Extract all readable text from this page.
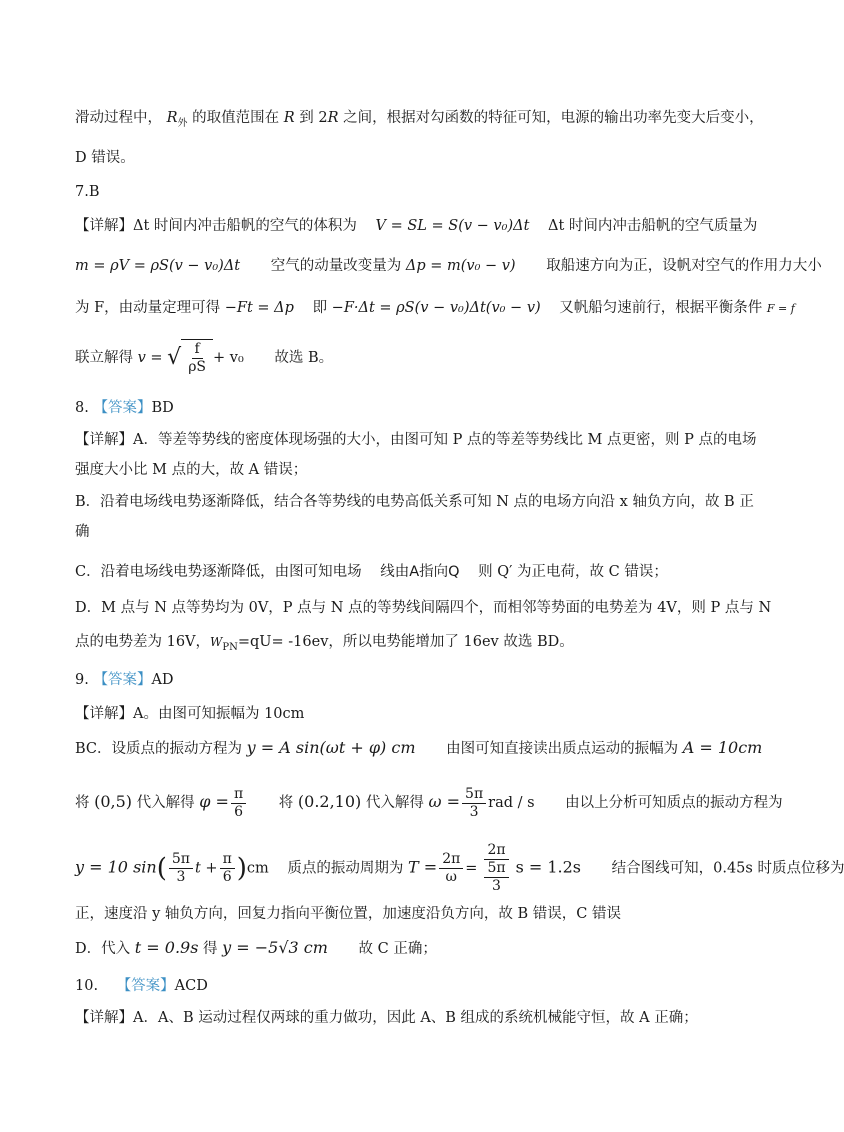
滑动过程中， $R_外$ 的取值范围在 R 到 2R 之间，根据对勾函数的特征可知，电源的输出功率先变大后变小，
D 错误。
7.B
【详解】Δt 时间内冲击船帆的空气的体积为 V = SL = S(v − v₀)Δt Δt 时间内冲击船帆的空气质量为
m = ρV = ρS(v − v₀)Δt 空气的动量改变量为 Δp = m(v₀ − v) 取船速方向为正，设帆对空气的作用力大小
为 F，由动量定理可得 −Ft = Δp 即 −F·Δt = ρS(v − v₀)Δt(v₀ − v) 又帆船匀速前行，根据平衡条件 F = f
联立解得 v = √ $\frac{f}{\rho S} + v_0$ 故选 B。
8. 【答案】BD
【详解】A．等差等势线的密度体现场强的大小，由图可知 P 点的等差等势线比 M 点更密，则 P 点的电场
强度大小比 M 点的大，故 A 错误；
B．沿着电场线电势逐渐降低，结合各等势线的电势高低关系可知 N 点的电场方向沿 x 轴负方向，故 B 正
确
C．沿着电场线电势逐渐降低，由图可知电场 线由A指向Q 则 Q′ 为正电荷，故 C 错误；
D．M 点与 N 点等势均为 0V，P 点与 N 点的等势线间隔四个，而相邻等势面的电势差为 4V，则 P 点与 N
点的电势差为 16V，$W_{PN}=qU= -16ev$，所以电势能增加了 16ev 故选 BD。
9. 【答案】AD
【详解】A。由图可知振幅为 10cm
BC．设质点的振动方程为 y = A sin(ωt + φ) cm 由图可知直接读出质点运动的振幅为 A = 10cm
将 (0,5) 代入解得 $\varphi = \frac{\pi}{6}$ 将 (0.2,10) 代入解得 $\omega = \frac{5\pi}{3}$ rad / s 由以上分析可知质点的振动方程为
y = 10 $\sin( \frac{5\pi}{3}$ $t + \frac{\pi}{6} )cm$ 质点的振动周期为 $T = \frac{2\pi}{\omega} = \frac{2\pi}{\frac{5\pi}{3}}$ s = 1.2s 结合图线可知，0.45s 时质点位移为
正，速度沿 y 轴负方向，回复力指向平衡位置，加速度沿负方向，故 B 错误，C 错误
D．代入 t = 0.9s 得 y = −5√3 cm 故 C 正确；
10. 【答案】ACD
【详解】A．A、B 运动过程仅两球的重力做功，因此 A、B 组成的系统机械能守恒，故 A 正确；
